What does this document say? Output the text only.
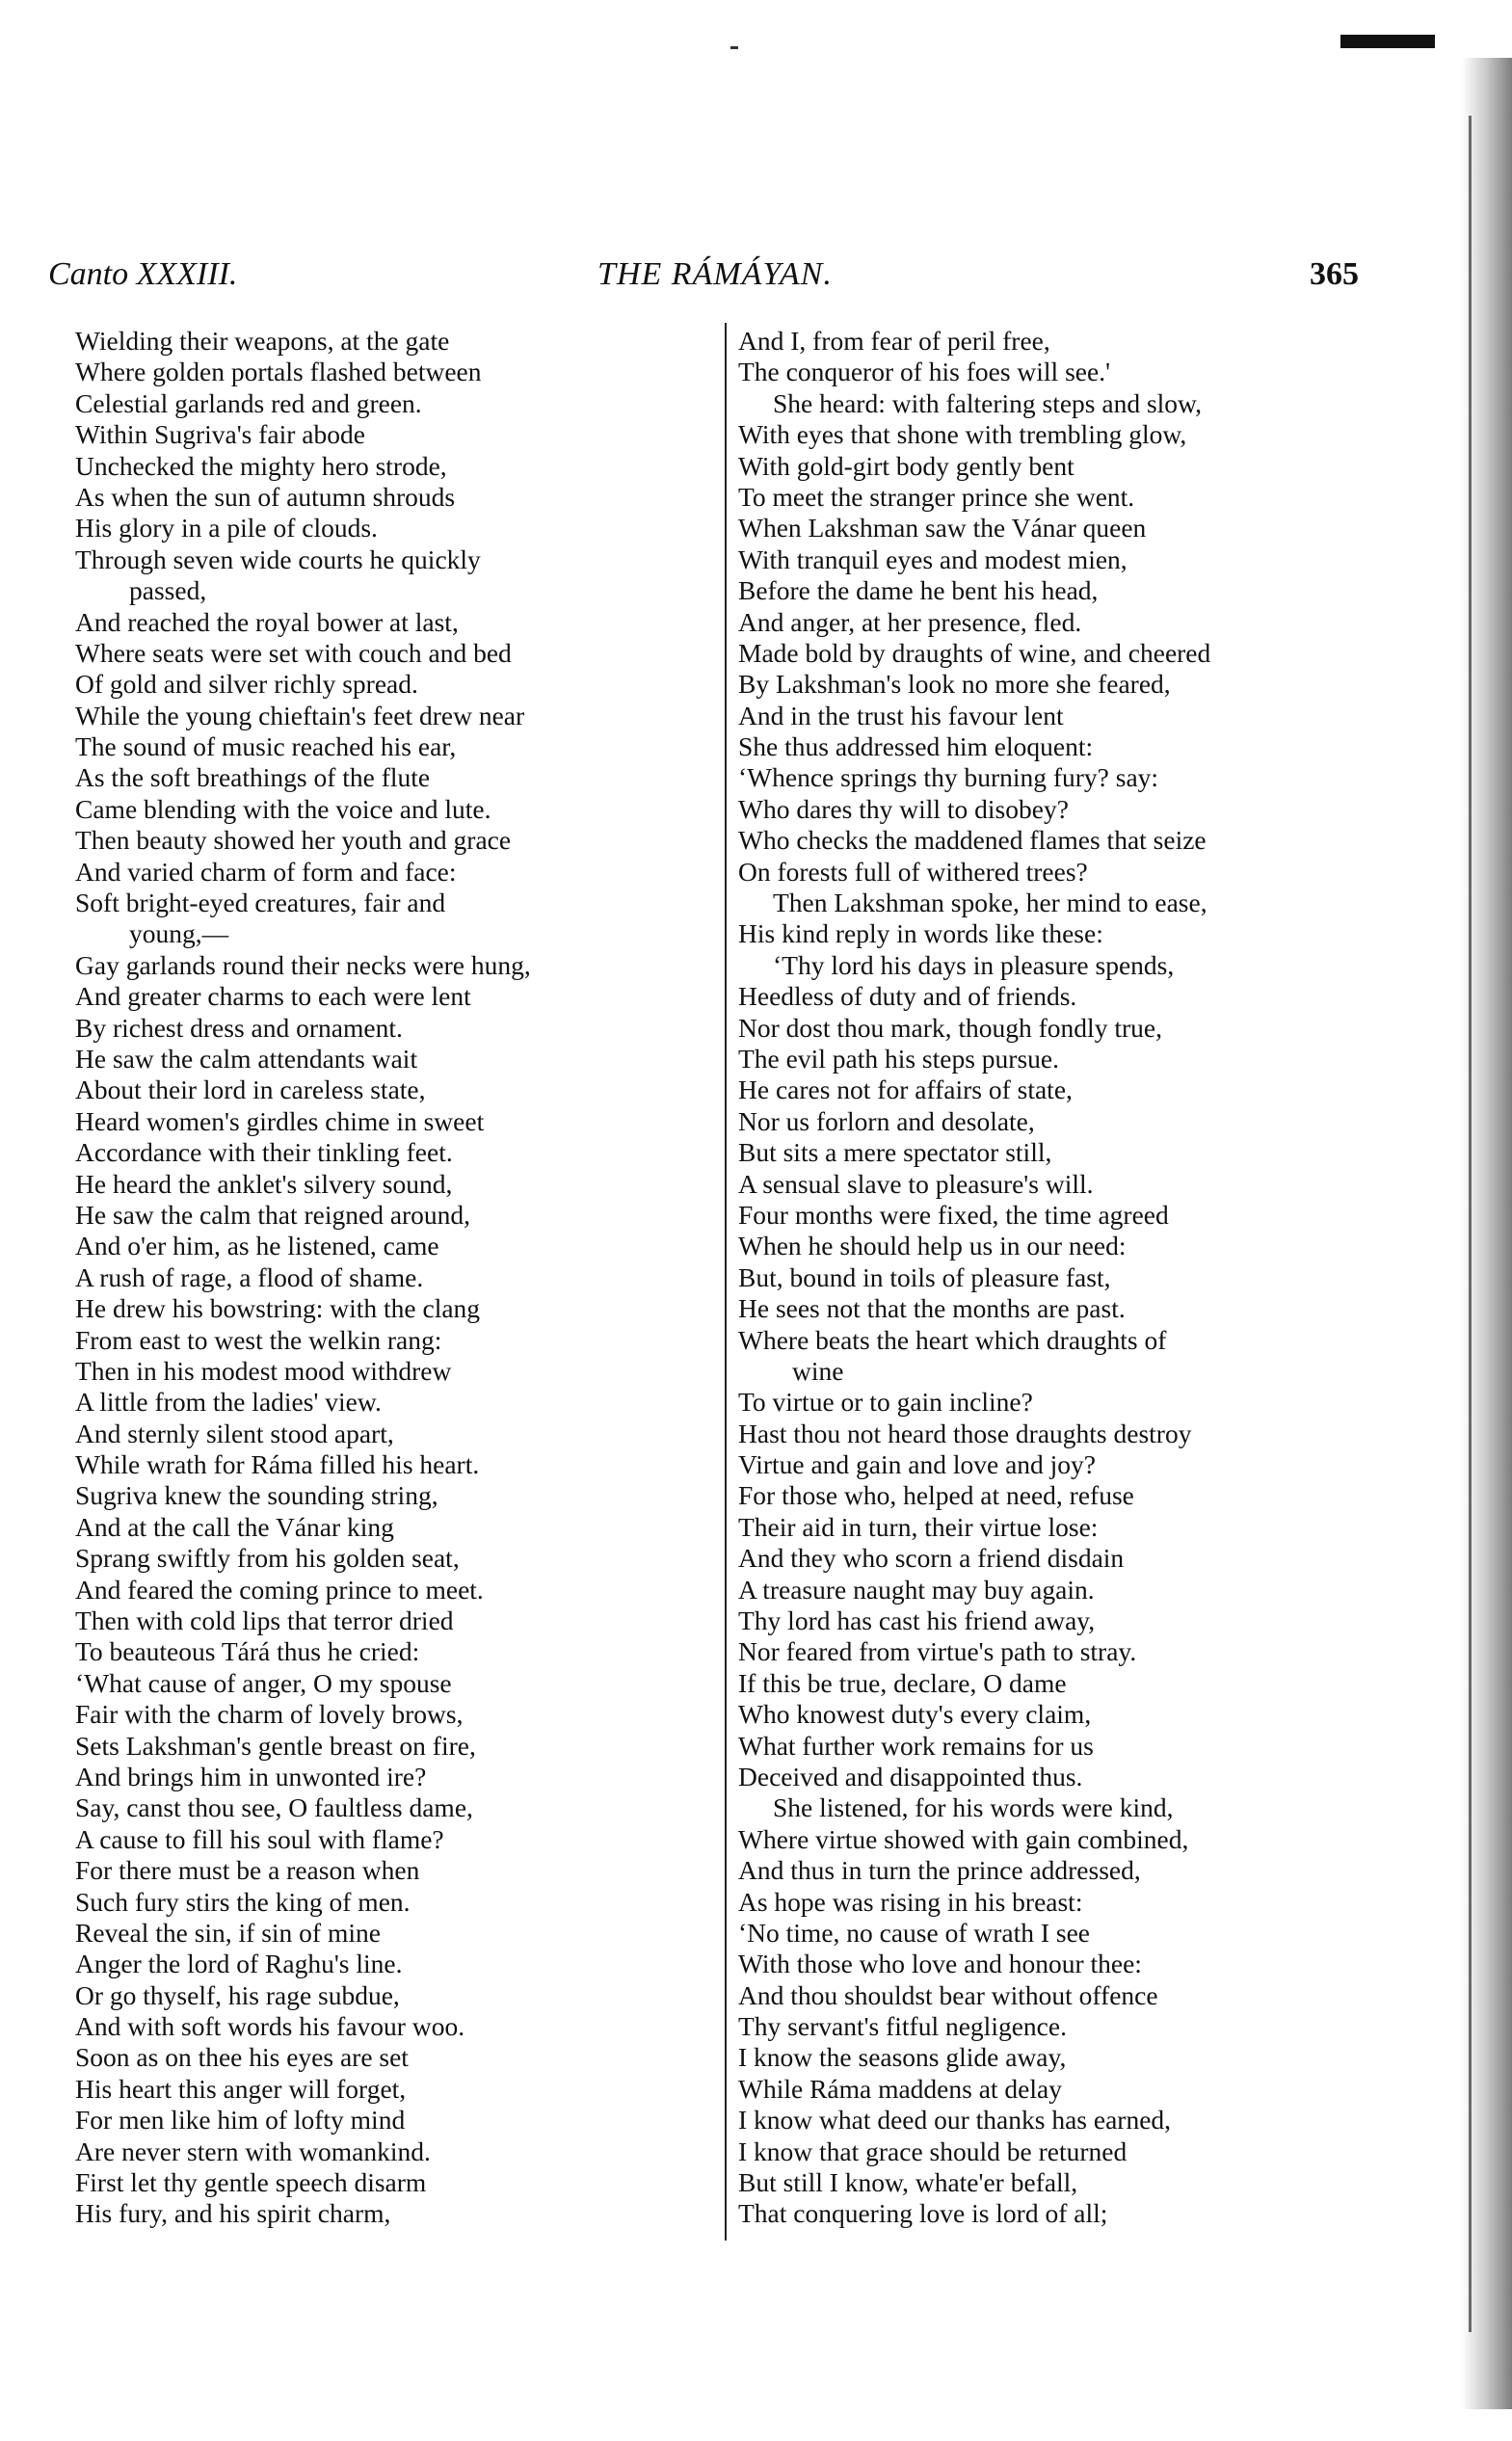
Canto XXXIII.	THE RÁMÁYAN.	365
Wielding their weapons, at the gate
Where golden portals flashed between
Celestial garlands red and green.
Within Sugriva's fair abode
Unchecked the mighty hero strode,
As when the sun of autumn shrouds
His glory in a pile of clouds.
Through seven wide courts he quickly
passed,
And reached the royal bower at last,
Where seats were set with couch and bed
Of gold and silver richly spread.
While the young chieftain's feet drew near
The sound of music reached his ear,
As the soft breathings of the flute
Came blending with the voice and lute.
Then beauty showed her youth and grace
And varied charm of form and face:
Soft bright-eyed creatures, fair and
young,—
Gay garlands round their necks were hung,
And greater charms to each were lent
By richest dress and ornament.
He saw the calm attendants wait
About their lord in careless state,
Heard women's girdles chime in sweet
Accordance with their tinkling feet.
He heard the anklet's silvery sound,
He saw the calm that reigned around,
And o'er him, as he listened, came
A rush of rage, a flood of shame.
He drew his bowstring: with the clang
From east to west the welkin rang:
Then in his modest mood withdrew
A little from the ladies' view.
And sternly silent stood apart,
While wrath for Ráma filled his heart.
Sugriva knew the sounding string,
And at the call the Vánar king
Sprang swiftly from his golden seat,
And feared the coming prince to meet.
Then with cold lips that terror dried
To beauteous Tárá thus he cried:
‘What cause of anger, O my spouse
Fair with the charm of lovely brows,
Sets Lakshman's gentle breast on fire,
And brings him in unwonted ire?
Say, canst thou see, O faultless dame,
A cause to fill his soul with flame?
For there must be a reason when
Such fury stirs the king of men.
Reveal the sin, if sin of mine
Anger the lord of Raghu's line.
Or go thyself, his rage subdue,
And with soft words his favour woo.
Soon as on thee his eyes are set
His heart this anger will forget,
For men like him of lofty mind
Are never stern with womankind.
First let thy gentle speech disarm
His fury, and his spirit charm,
And I, from fear of peril free,
The conqueror of his foes will see.'
She heard: with faltering steps and slow,
With eyes that shone with trembling glow,
With gold-girt body gently bent
To meet the stranger prince she went.
When Lakshman saw the Vánar queen
With tranquil eyes and modest mien,
Before the dame he bent his head,
And anger, at her presence, fled.
Made bold by draughts of wine, and cheered
By Lakshman's look no more she feared,
And in the trust his favour lent
She thus addressed him eloquent:
‘Whence springs thy burning fury? say:
Who dares thy will to disobey?
Who checks the maddened flames that seize
On forests full of withered trees?
Then Lakshman spoke, her mind to ease,
His kind reply in words like these:
‘Thy lord his days in pleasure spends,
Heedless of duty and of friends.
Nor dost thou mark, though fondly true,
The evil path his steps pursue.
He cares not for affairs of state,
Nor us forlorn and desolate,
But sits a mere spectator still,
A sensual slave to pleasure's will.
Four months were fixed, the time agreed
When he should help us in our need:
But, bound in toils of pleasure fast,
He sees not that the months are past.
Where beats the heart which draughts of
wine
To virtue or to gain incline?
Hast thou not heard those draughts destroy
Virtue and gain and love and joy?
For those who, helped at need, refuse
Their aid in turn, their virtue lose:
And they who scorn a friend disdain
A treasure naught may buy again.
Thy lord has cast his friend away,
Nor feared from virtue's path to stray.
If this be true, declare, O dame
Who knowest duty's every claim,
What further work remains for us
Deceived and disappointed thus.
She listened, for his words were kind,
Where virtue showed with gain combined,
And thus in turn the prince addressed,
As hope was rising in his breast:
‘No time, no cause of wrath I see
With those who love and honour thee:
And thou shouldst bear without offence
Thy servant's fitful negligence.
I know the seasons glide away,
While Ráma maddens at delay
I know what deed our thanks has earned,
I know that grace should be returned
But still I know, whate'er befall,
That conquering love is lord of all;
